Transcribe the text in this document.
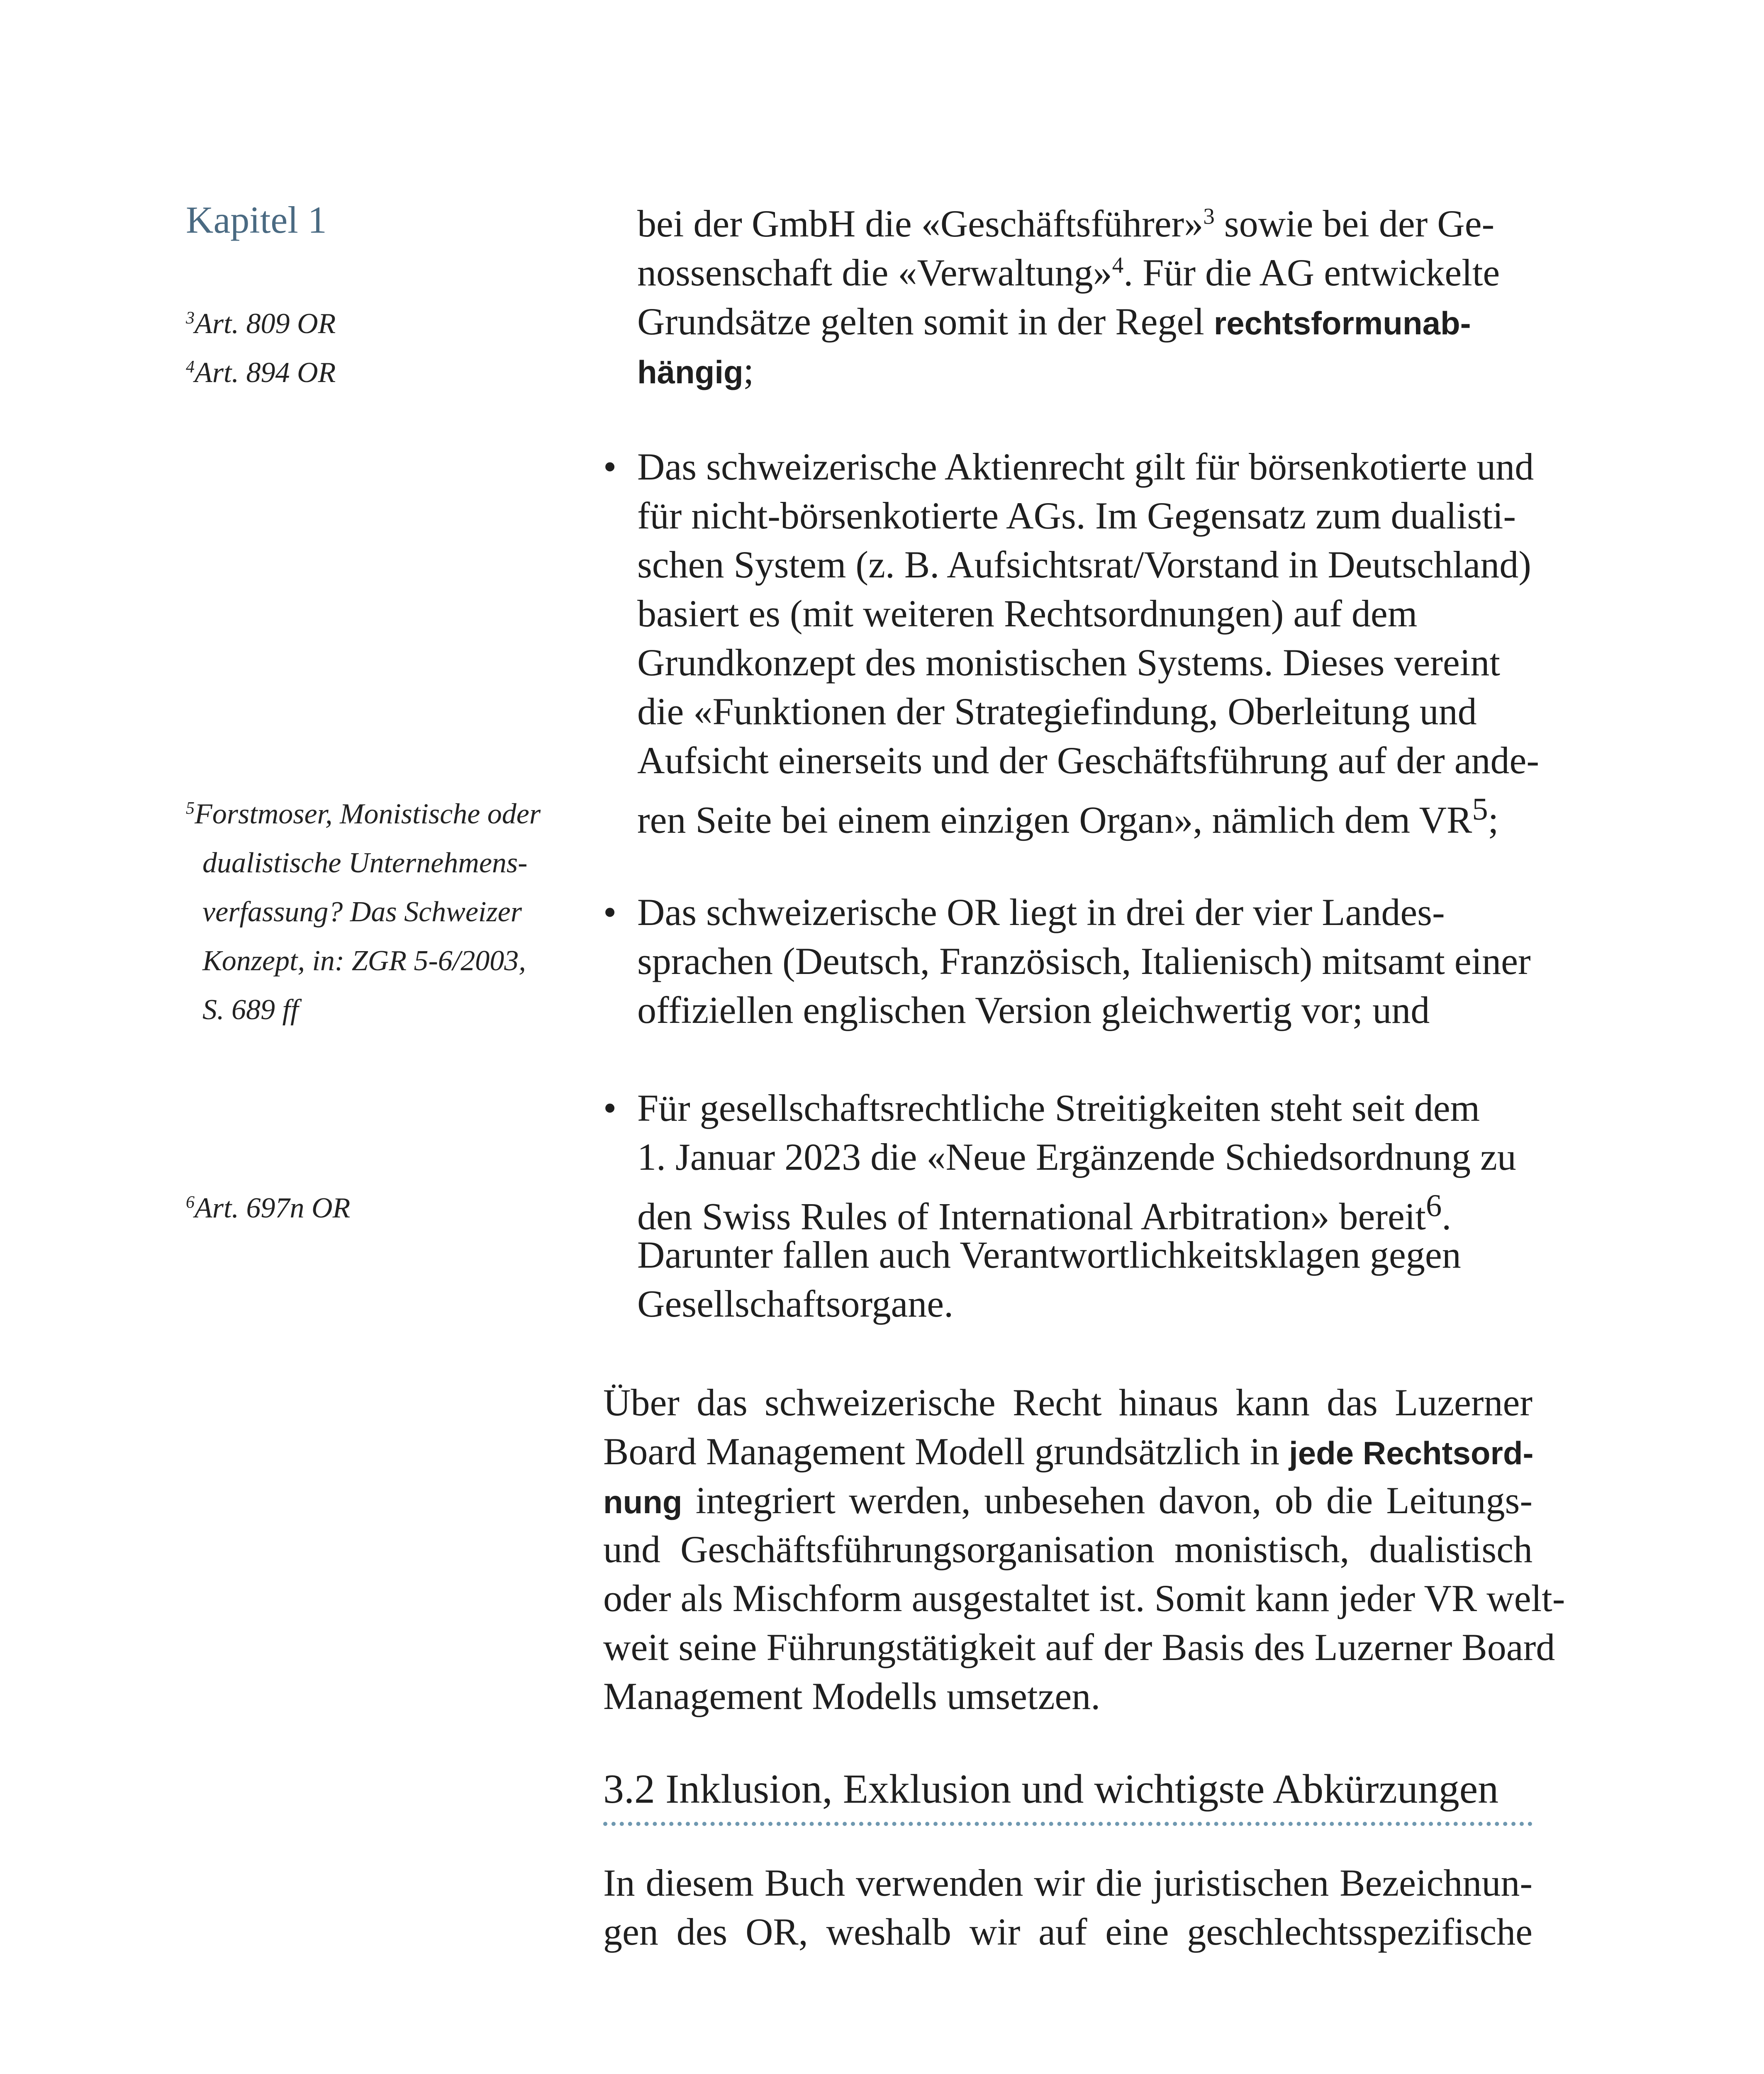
Kapitel 1
$^3$Art. 809 OR
$^4$Art. 894 OR
$^5$Forstmoser, Monistische oder
dualistische Unternehmens-
verfassung? Das Schweizer
Konzept, in: ZGR 5-6/2003,
S. 689 ff
$^6$Art. 697n OR
bei der GmbH die «Geschäftsführer»$^3$ sowie bei der Ge-
nossenschaft die «Verwaltung»$^4$. Für die AG entwickelte
Grundsätze gelten somit in der Regel rechtsformunab-
hängig;
• Das schweizerische Aktienrecht gilt für börsenkotierte und
für nicht-börsenkotierte AGs. Im Gegensatz zum dualisti-
schen System (z. B. Aufsichtsrat/Vorstand in Deutschland)
basiert es (mit weiteren Rechtsordnungen) auf dem
Grundkonzept des monistischen Systems. Dieses vereint
die «Funktionen der Strategiefindung, Oberleitung und
Aufsicht einerseits und der Geschäftsführung auf der ande-
ren Seite bei einem einzigen Organ», nämlich dem $VR^5$;
• Das schweizerische OR liegt in drei der vier Landes-
sprachen (Deutsch, Französisch, Italienisch) mitsamt einer
offiziellen englischen Version gleichwertig vor; und
• Für gesellschaftsrechtliche Streitigkeiten steht seit dem
1. Januar 2023 die «Neue Ergänzende Schiedsordnung zu
den Swiss Rules of International Arbitration» bereit$^6$.
Darunter fallen auch Verantwortlichkeitsklagen gegen
Gesellschaftsorgane.
Über das schweizerische Recht hinaus kann das Luzerner
Board Management Modell grundsätzlich in jede Rechtsord-
nung integriert werden, unbesehen davon, ob die Leitungs-
und Geschäftsführungsorganisation monistisch, dualistisch
oder als Mischform ausgestaltet ist. Somit kann jeder VR welt-
weit seine Führungstätigkeit auf der Basis des Luzerner Board
Management Modells umsetzen.
3.2 Inklusion, Exklusion und wichtigste Abkürzungen
In diesem Buch verwenden wir die juristischen Bezeichnun-
gen des OR, weshalb wir auf eine geschlechtsspezifische
